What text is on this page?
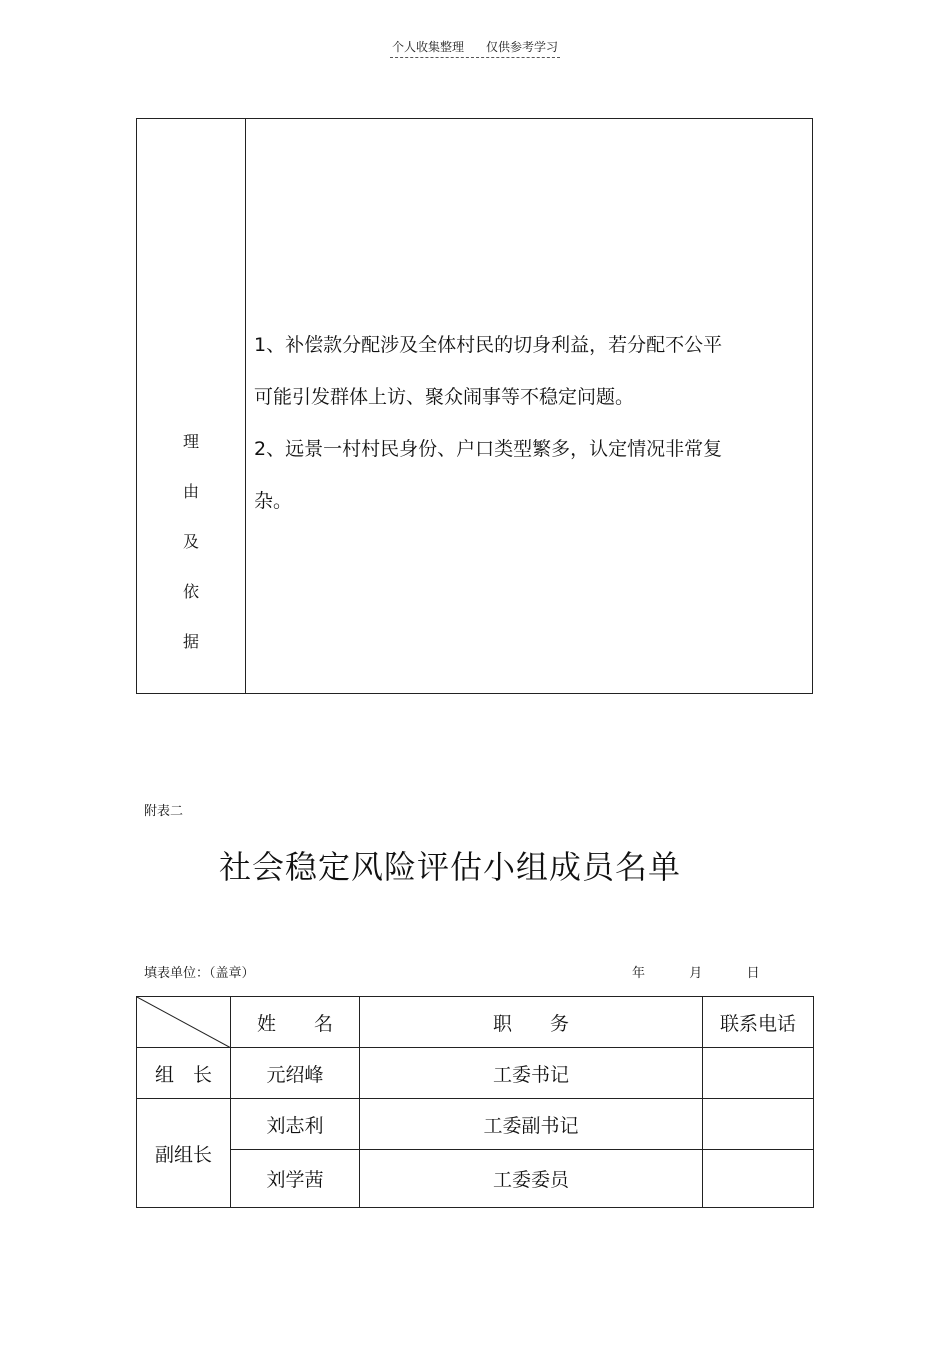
个人收集整理 仅供参考学习
理
由
及
依
据

1、补偿款分配涉及全体村民的切身利益，若分配不公平

可能引发群体上访、聚众闹事等不稳定问题。

2、远景一村村民身份、户口类型繁多，认定情况非常复

杂。

附表二
社会稳定风险评估小组成员名单
填表单位：（盖章）	年	月	日
	姓　　名	职　　务	联系电话
组　长	元绍峰	工委书记	
副组长	刘志利	工委副书记	
	刘学茜	工委委员	
